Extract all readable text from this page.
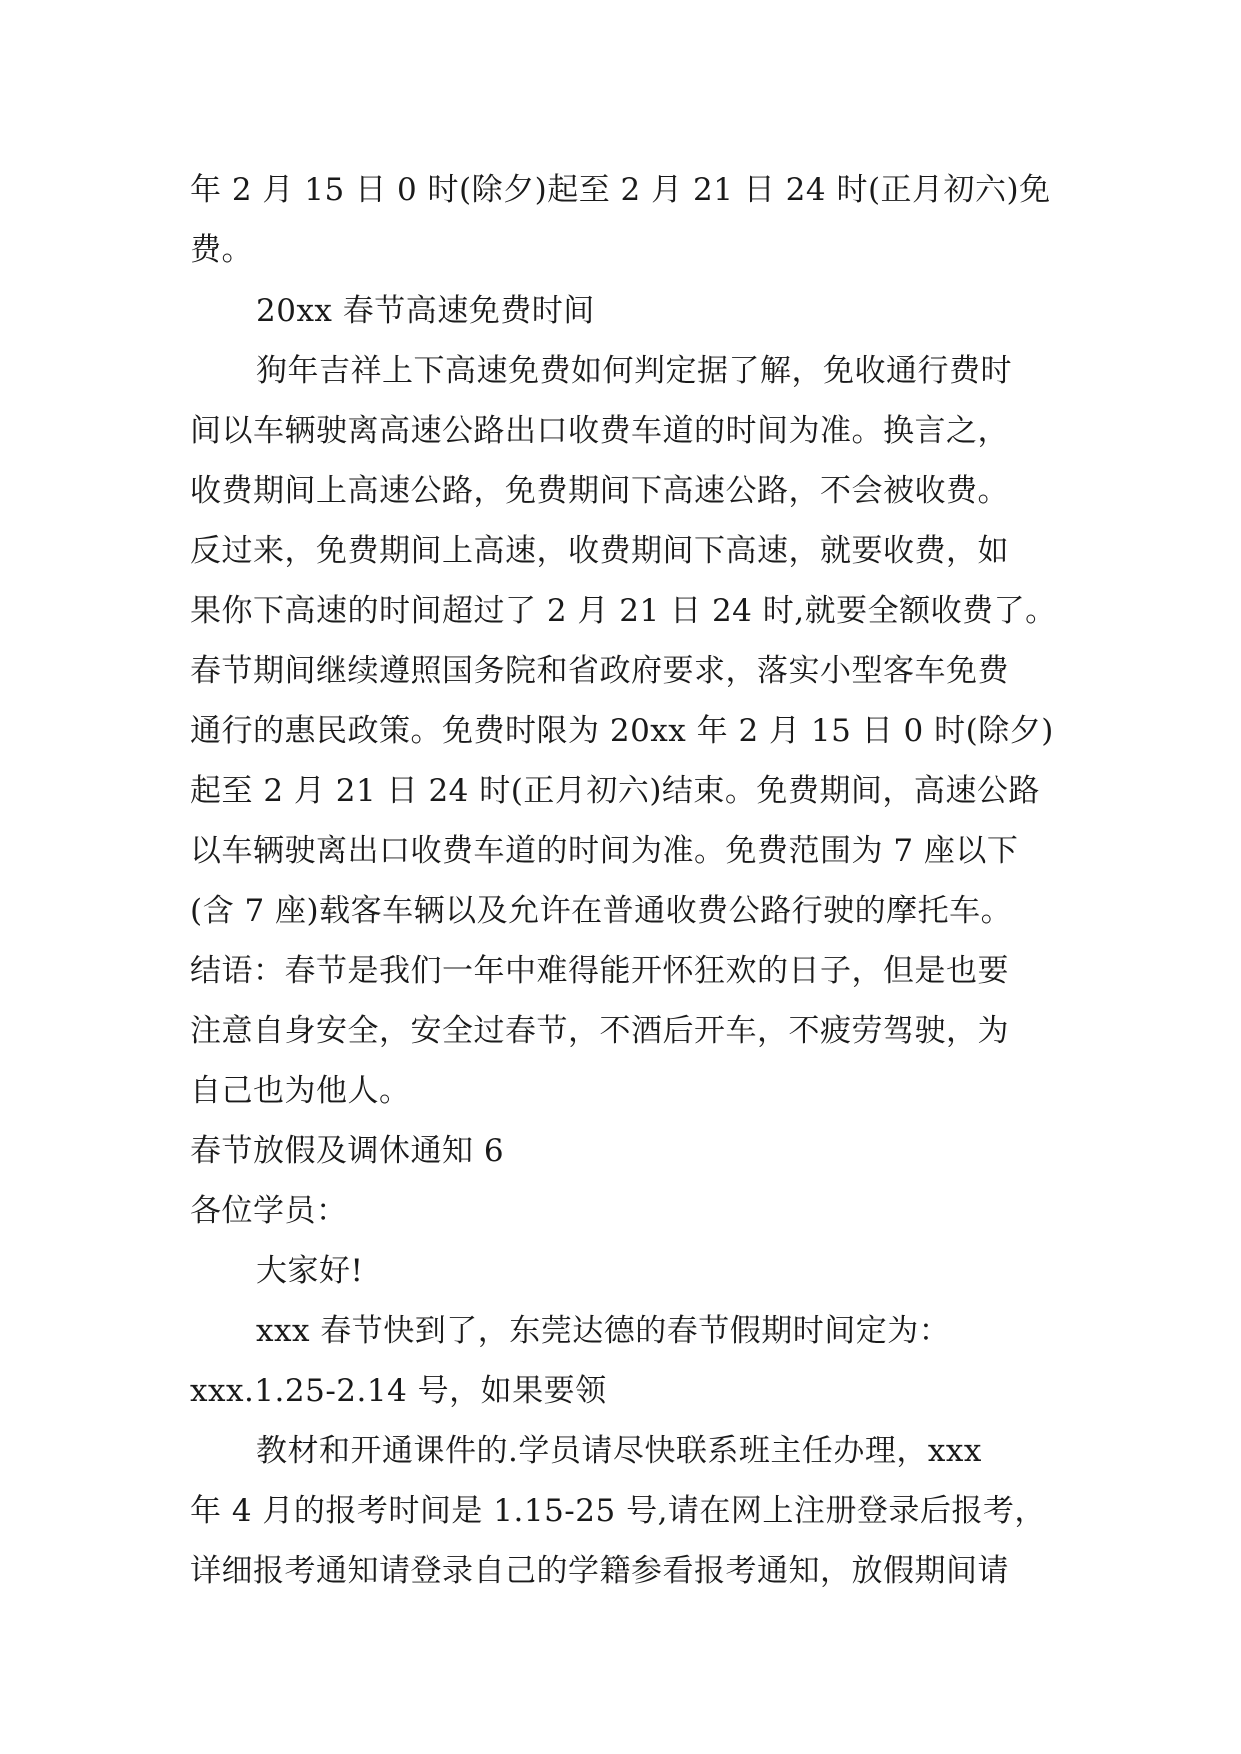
年 2 月 15 日 0 时(除夕)起至 2 月 21 日 24 时(正月初六)免
费。
20xx 春节高速免费时间
狗年吉祥上下高速免费如何判定据了解，免收通行费时
间以车辆驶离高速公路出口收费车道的时间为准。换言之，
收费期间上高速公路，免费期间下高速公路，不会被收费。
反过来，免费期间上高速，收费期间下高速，就要收费，如
果你下高速的时间超过了 2 月 21 日 24 时,就要全额收费了。
春节期间继续遵照国务院和省政府要求，落实小型客车免费
通行的惠民政策。免费时限为 20xx 年 2 月 15 日 0 时(除夕)
起至 2 月 21 日 24 时(正月初六)结束。免费期间，高速公路
以车辆驶离出口收费车道的时间为准。免费范围为 7 座以下
(含 7 座)载客车辆以及允许在普通收费公路行驶的摩托车。
结语：春节是我们一年中难得能开怀狂欢的日子，但是也要
注意自身安全，安全过春节，不酒后开车，不疲劳驾驶，为
自己也为他人。
春节放假及调休通知 6
各位学员：
大家好!
xxx 春节快到了，东莞达德的春节假期时间定为：
xxx.1.25-2.14 号，如果要领
教材和开通课件的.学员请尽快联系班主任办理，xxx
年 4 月的报考时间是 1.15-25 号,请在网上注册登录后报考，
详细报考通知请登录自己的学籍参看报考通知，放假期间请
